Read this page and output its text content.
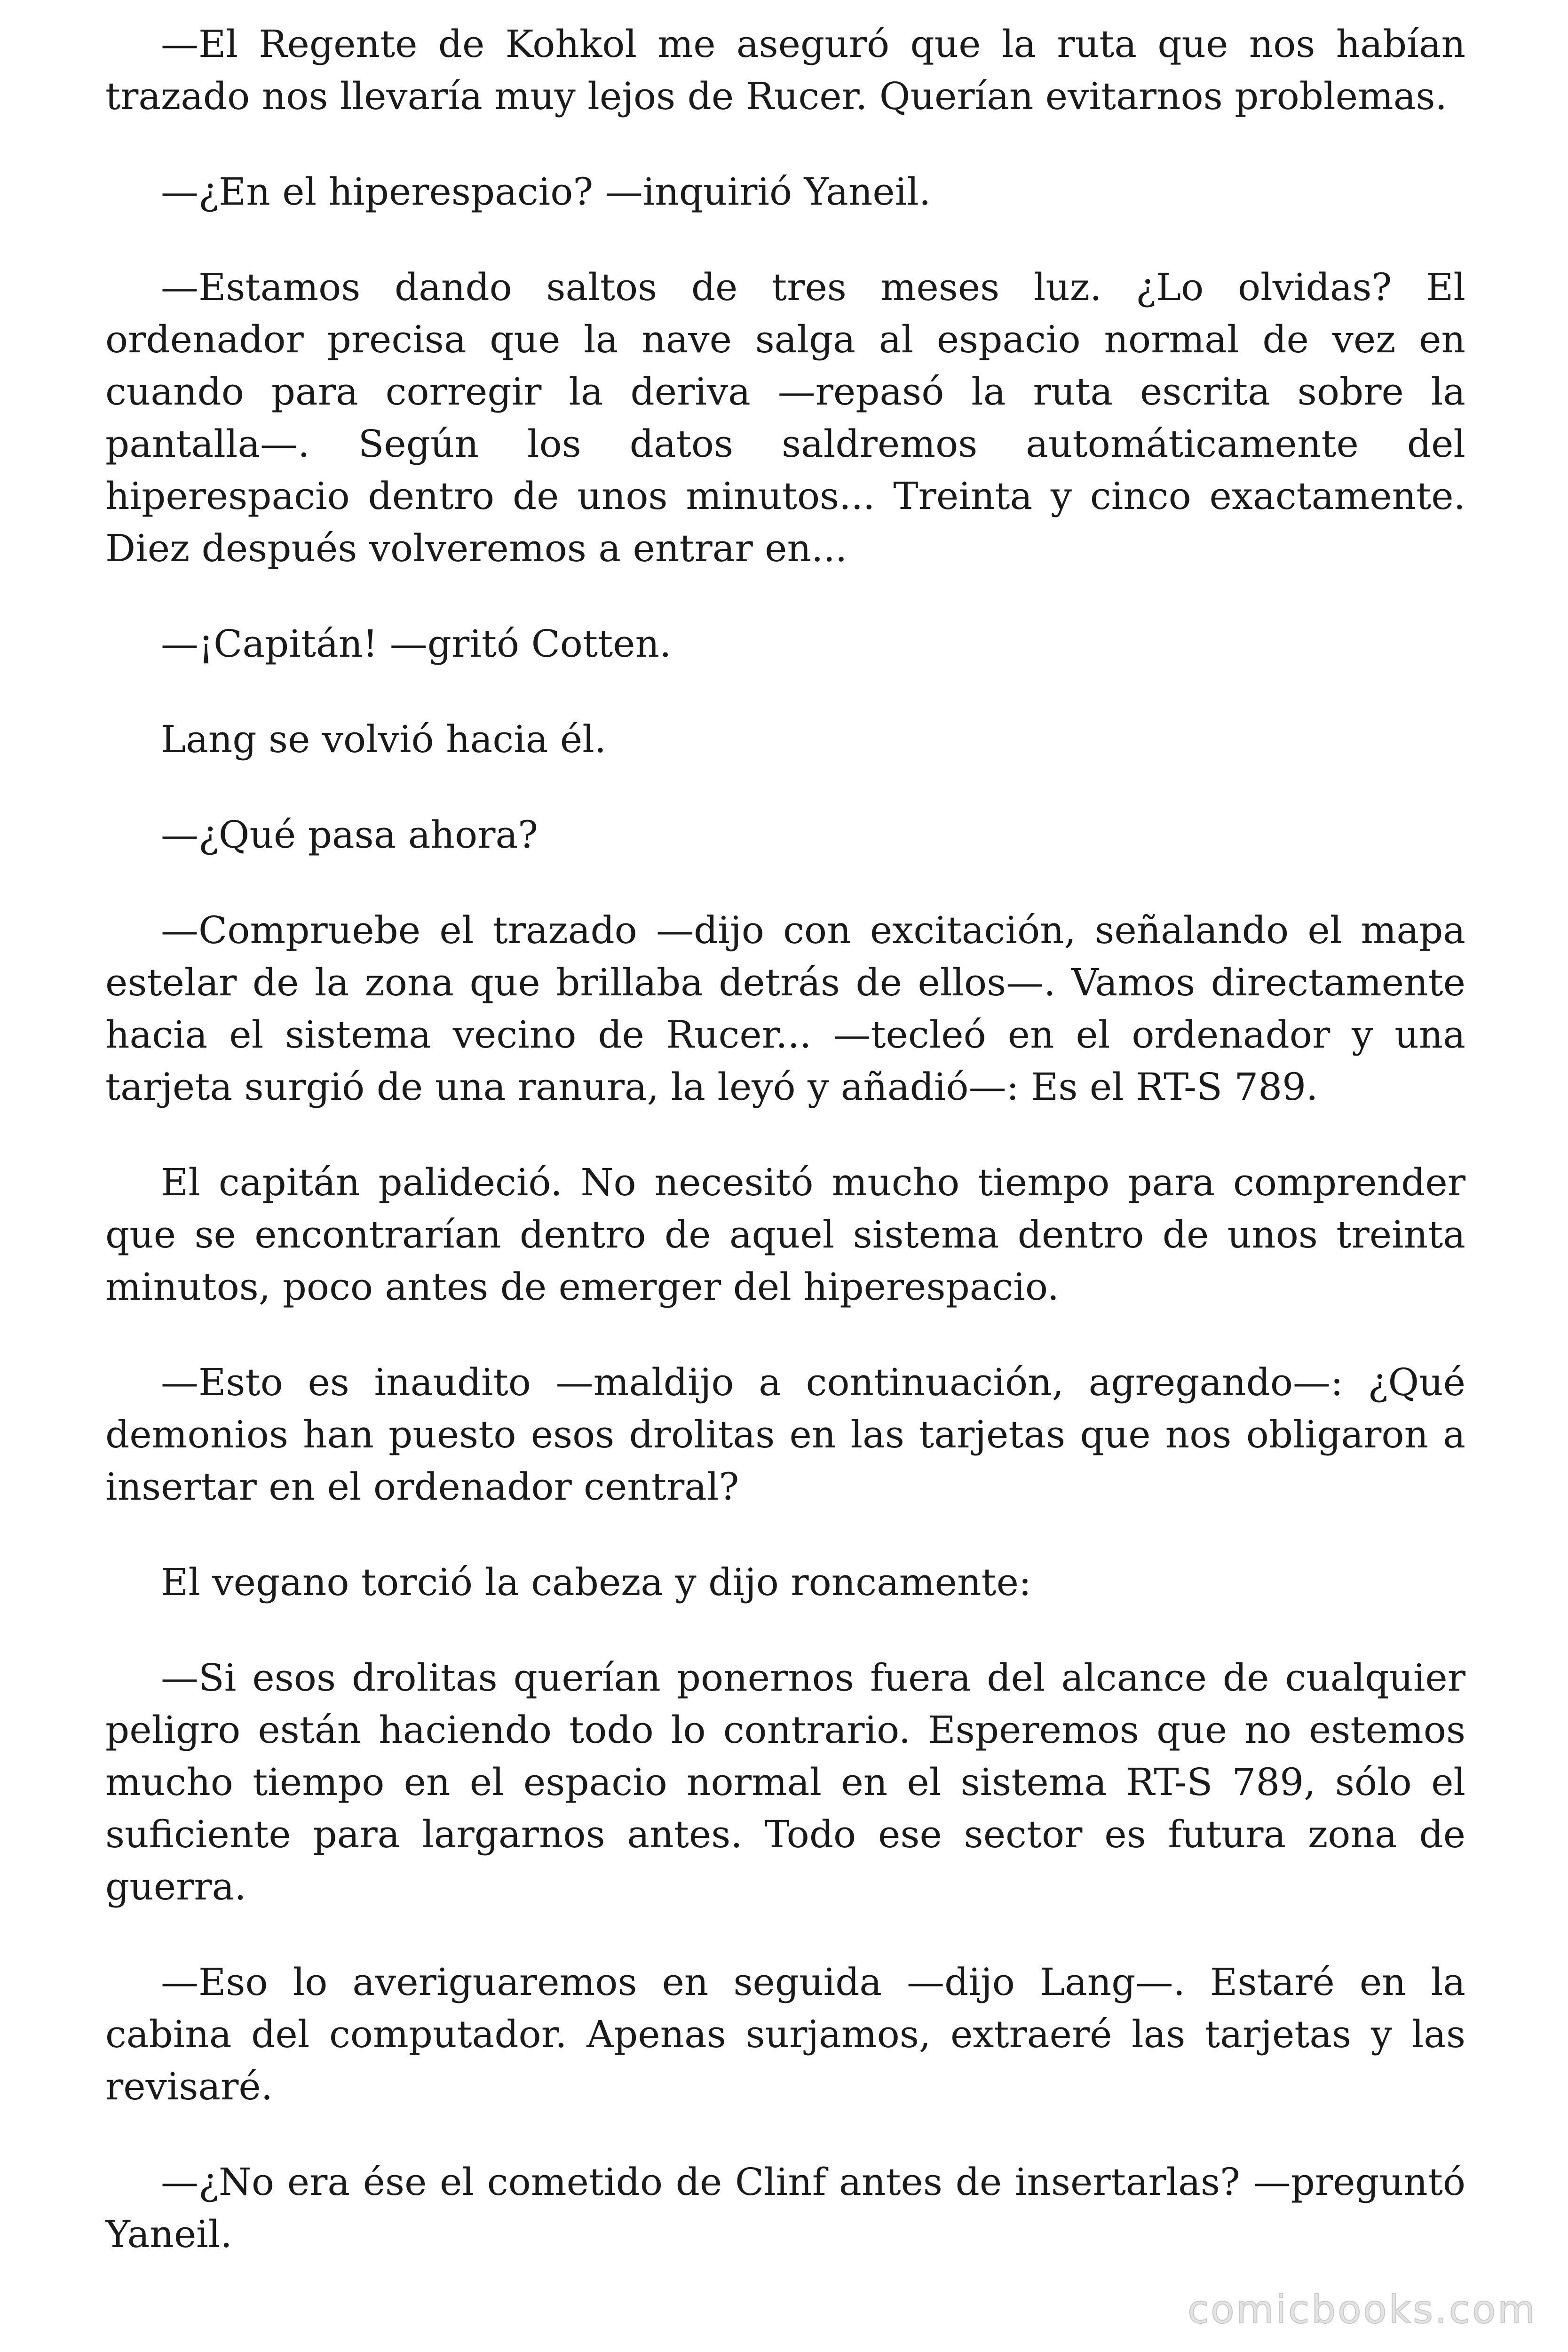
—El Regente de Kohkol me aseguró que la ruta que nos habían trazado nos llevaría muy lejos de Rucer. Querían evitarnos problemas.

—¿En el hiperespacio? —inquirió Yaneil.

—Estamos dando saltos de tres meses luz. ¿Lo olvidas? El ordenador precisa que la nave salga al espacio normal de vez en cuando para corregir la deriva —repasó la ruta escrita sobre la pantalla—. Según los datos saldremos automáticamente del hiperespacio dentro de unos minutos... Treinta y cinco exactamente. Diez después volveremos a entrar en...

—¡Capitán! —gritó Cotten.

Lang se volvió hacia él.

—¿Qué pasa ahora?

—Compruebe el trazado —dijo con excitación, señalando el mapa estelar de la zona que brillaba detrás de ellos—. Vamos directamente hacia el sistema vecino de Rucer... —tecleó en el ordenador y una tarjeta surgió de una ranura, la leyó y añadió—: Es el RT-S 789.

El capitán palideció. No necesitó mucho tiempo para comprender que se encontrarían dentro de aquel sistema dentro de unos treinta minutos, poco antes de emerger del hiperespacio.

—Esto es inaudito —maldijo a continuación, agregando—: ¿Qué demonios han puesto esos drolitas en las tarjetas que nos obligaron a insertar en el ordenador central?

El vegano torció la cabeza y dijo roncamente:

—Si esos drolitas querían ponernos fuera del alcance de cualquier peligro están haciendo todo lo contrario. Esperemos que no estemos mucho tiempo en el espacio normal en el sistema RT-S 789, sólo el suficiente para largarnos antes. Todo ese sector es futura zona de guerra.

—Eso lo averiguaremos en seguida —dijo Lang—. Estaré en la cabina del computador. Apenas surjamos, extraeré las tarjetas y las revisaré.

—¿No era ése el cometido de Clinf antes de insertarlas? —preguntó Yaneil.

comicbooks.com
